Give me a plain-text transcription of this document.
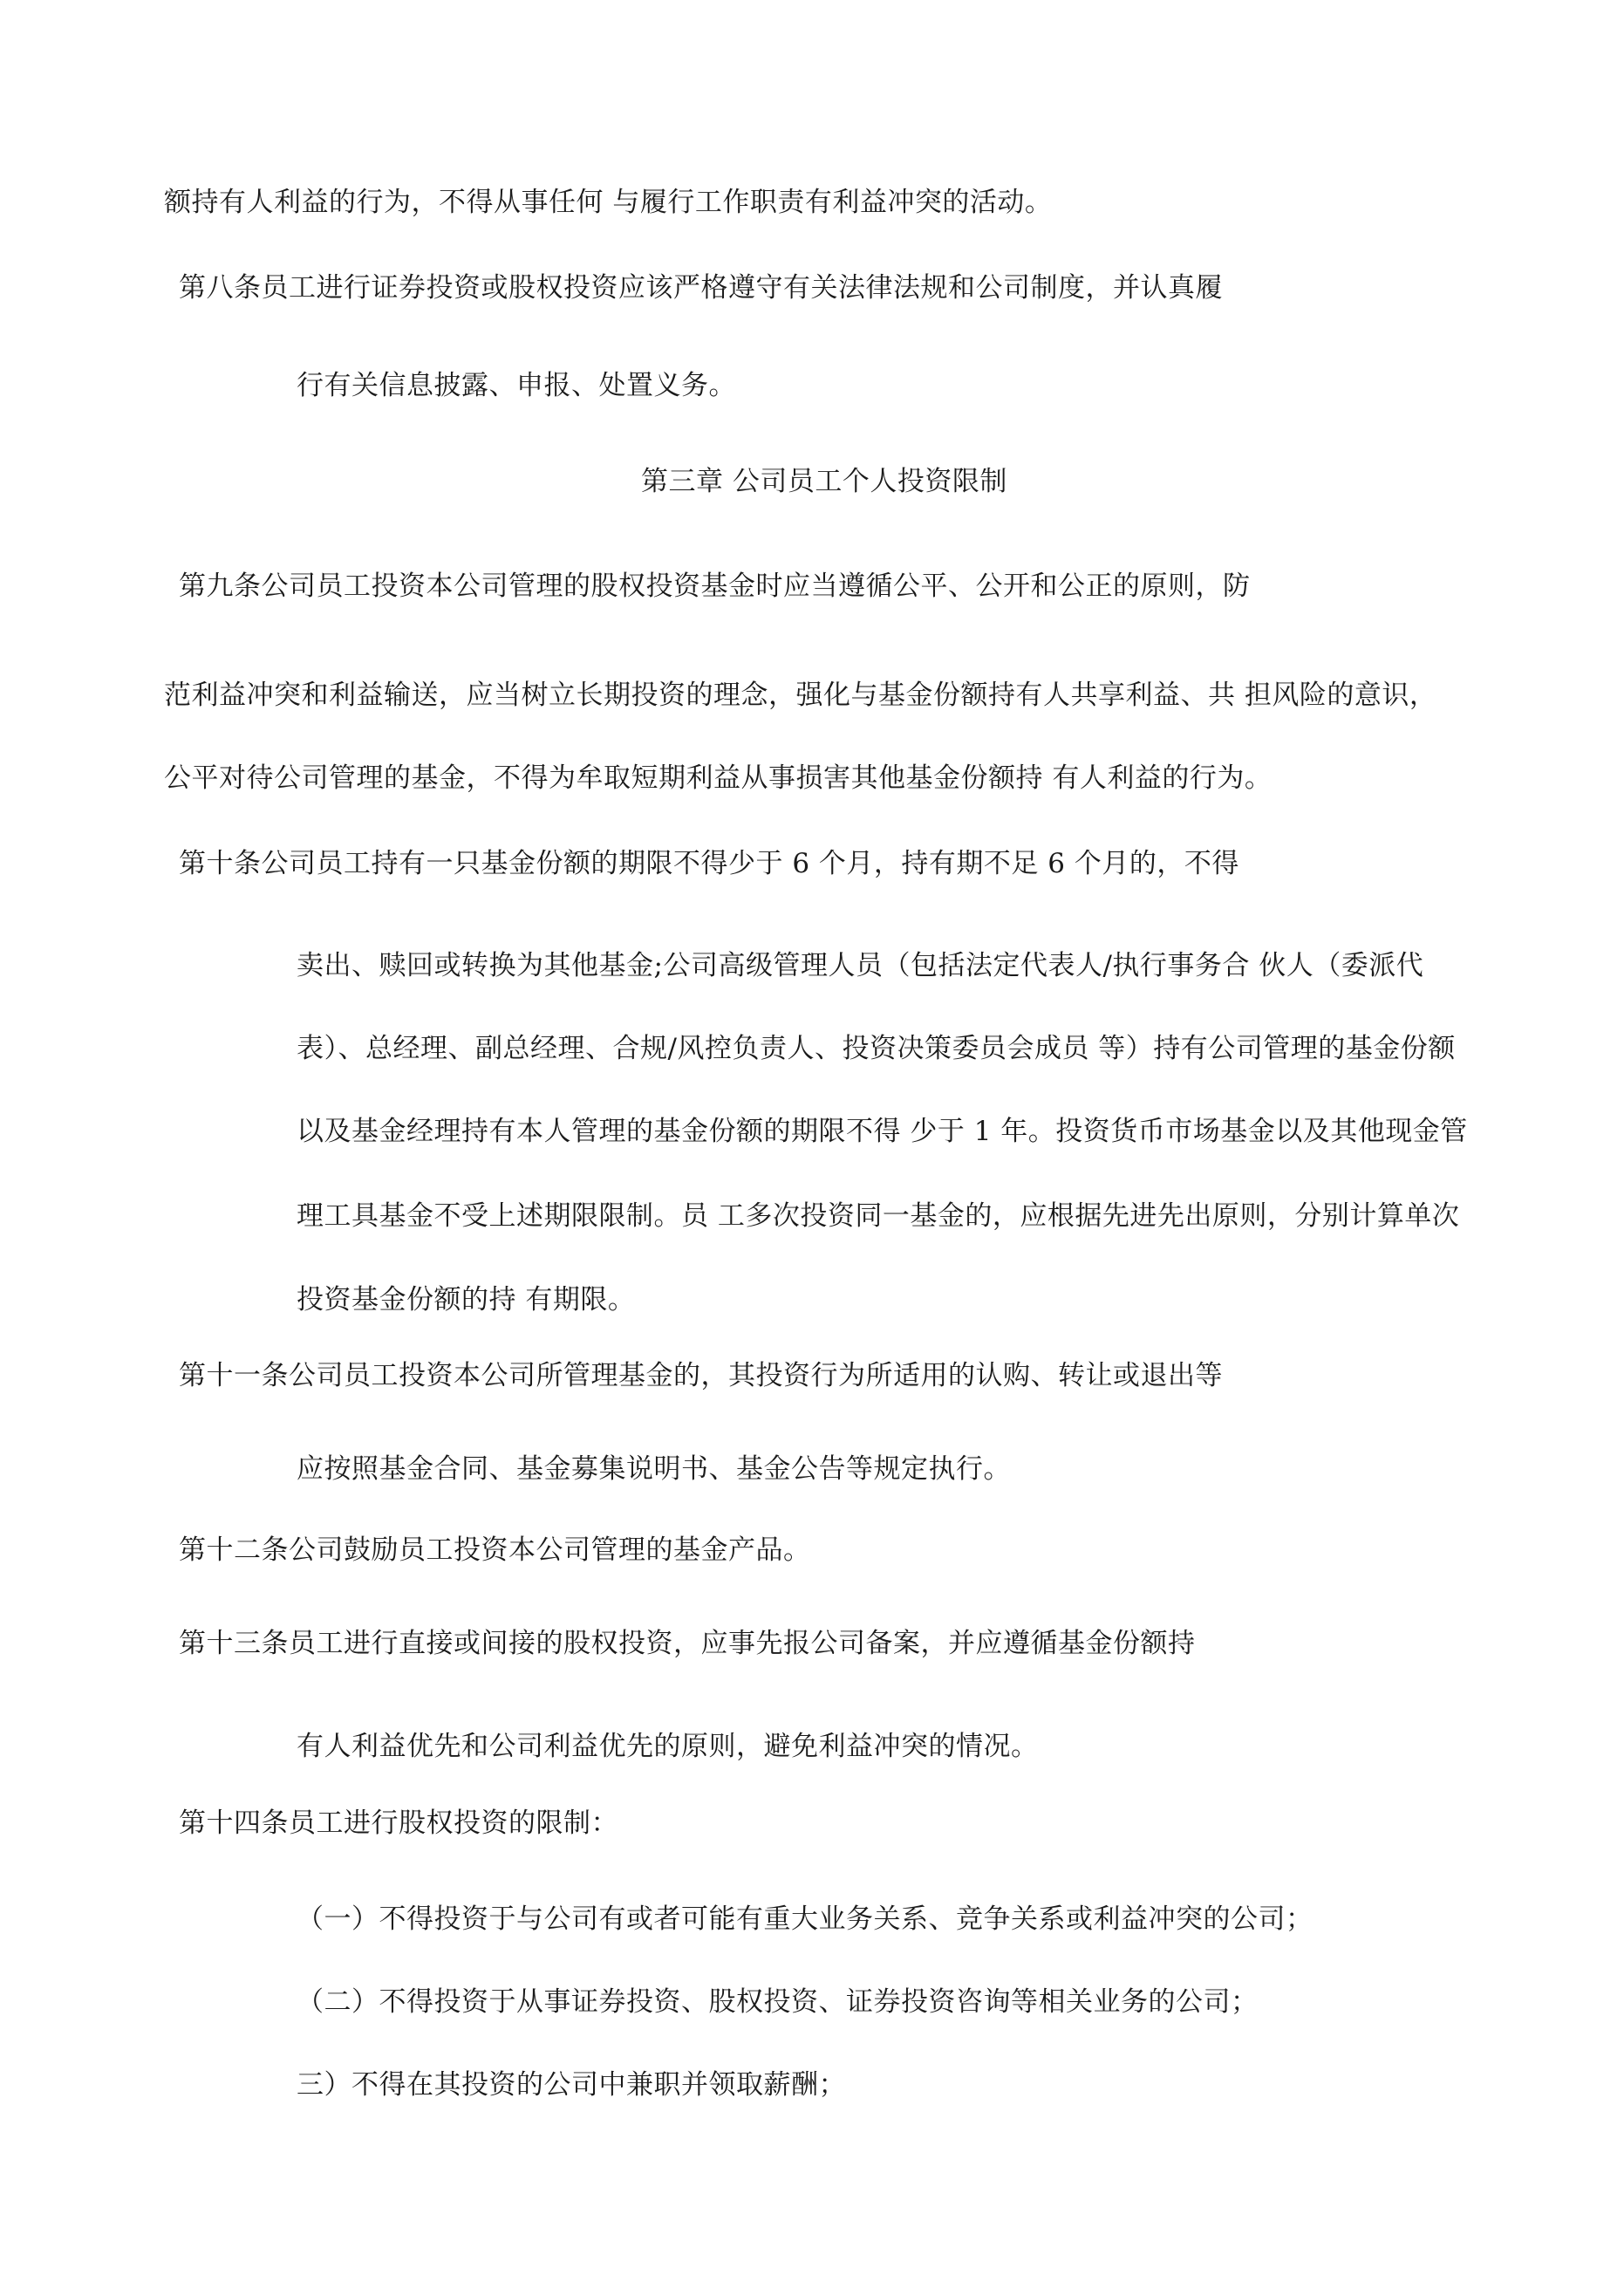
额持有人利益的行为，不得从事任何 与履行工作职责有利益冲突的活动。
第八条员工进行证券投资或股权投资应该严格遵守有关法律法规和公司制度，并认真履
行有关信息披露、申报、处置义务。
第三章 公司员工个人投资限制
第九条公司员工投资本公司管理的股权投资基金时应当遵循公平、公开和公正的原则，防
范利益冲突和利益输送，应当树立长期投资的理念，强化与基金份额持有人共享利益、共 担风险的意识，
公平对待公司管理的基金，不得为牟取短期利益从事损害其他基金份额持 有人利益的行为。
第十条公司员工持有一只基金份额的期限不得少于 6 个月，持有期不足 6 个月的，不得
卖出、赎回或转换为其他基金;公司高级管理人员（包括法定代表人/执行事务合 伙人（委派代
表）、总经理、副总经理、合规/风控负责人、投资决策委员会成员 等）持有公司管理的基金份额
以及基金经理持有本人管理的基金份额的期限不得 少于 1 年。投资货币市场基金以及其他现金管
理工具基金不受上述期限限制。员 工多次投资同一基金的，应根据先进先出原则，分别计算单次
投资基金份额的持 有期限。
第十一条公司员工投资本公司所管理基金的，其投资行为所适用的认购、转让或退出等
应按照基金合同、基金募集说明书、基金公告等规定执行。
第十二条公司鼓励员工投资本公司管理的基金产品。
第十三条员工进行直接或间接的股权投资，应事先报公司备案，并应遵循基金份额持
有人利益优先和公司利益优先的原则，避免利益冲突的情况。
第十四条员工进行股权投资的限制：
（一）不得投资于与公司有或者可能有重大业务关系、竞争关系或利益冲突的公司；
（二）不得投资于从事证券投资、股权投资、证券投资咨询等相关业务的公司；
三）不得在其投资的公司中兼职并领取薪酬；
